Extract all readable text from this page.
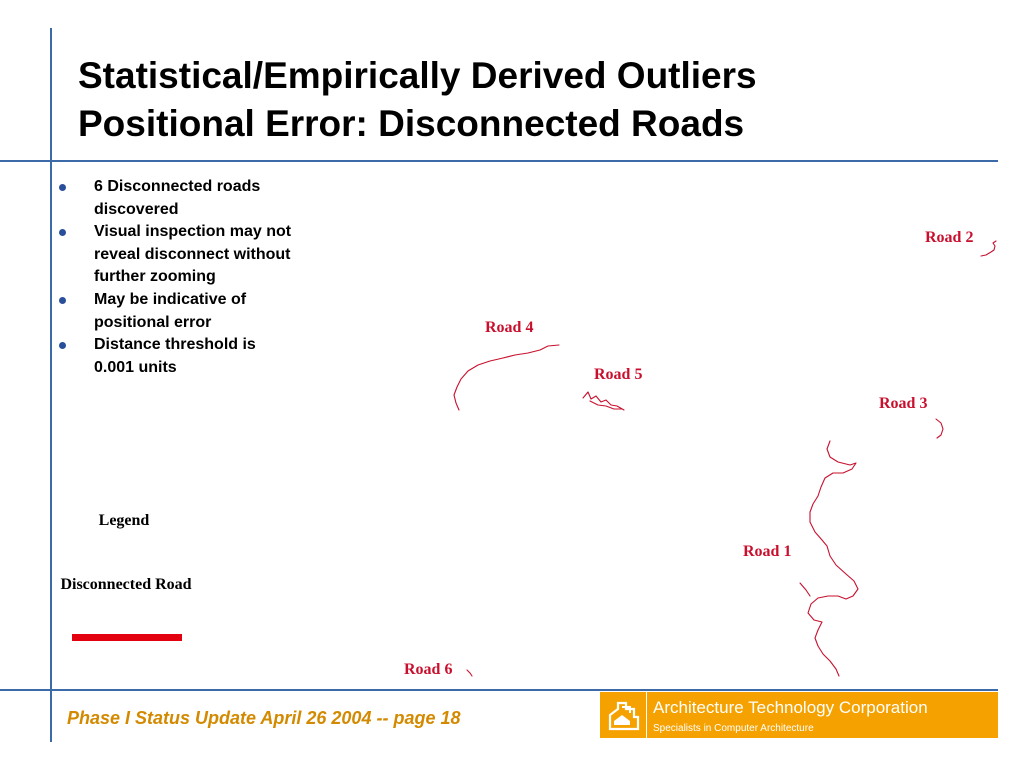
Statistical/Empirically Derived Outliers
Positional Error: Disconnected Roads
6 Disconnected roads discovered
Visual inspection may not reveal disconnect without further zooming
May be indicative of positional error
Distance threshold is 0.001 units
Legend
Disconnected Road
Road 2
Road 4
Road 5
Road 3
Road 1
Road 6
Phase I Status Update April 26 2004 -- page 18
Architecture Technology Corporation
Specialists in Computer Architecture
